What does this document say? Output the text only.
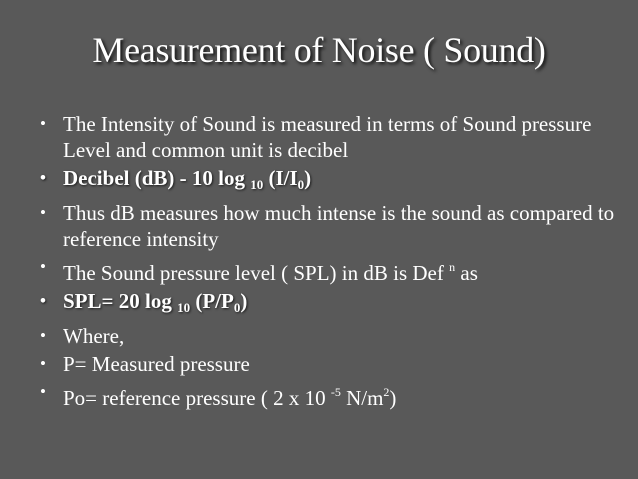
Measurement of Noise ( Sound)
• The Intensity of Sound is measured in terms of Sound pressure Level and common unit is decibel
• Decibel (dB) - 10 log $_{10}$ $(I/I_0)$
• Thus dB measures how much intense is the sound as compared to reference intensity
• The Sound pressure level ( SPL) in dB is Def $^n$ as
• SPL= 20 log $_{10}$ $(P/P_0)$
• Where,
• P= Measured pressure
• Po= reference pressure ( 2 x 10 $^{-5}$ $N/m^2$)
